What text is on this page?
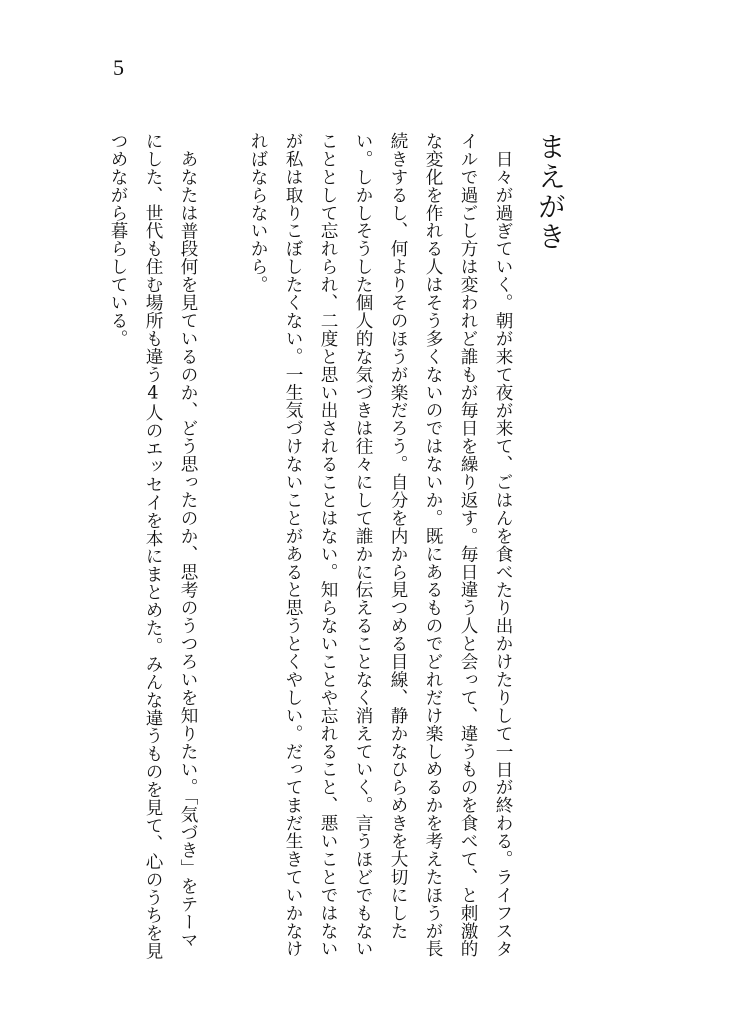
5
まえがき

日々が過ぎていく。朝が来て夜が来て、ごはんを食べたり出かけたりして一日が終わる。ライフスタイルで過ごし方は変われど誰もが毎日を繰り返す。毎日違う人と会って、違うものを食べて、と刺激的な変化を作れる人はそう多くないのではないか。既にあるものでどれだけ楽しめるかを考えたほうが長続きするし、何よりそのほうが楽だろう。自分を内から見つめる目線、静かなひらめきを大切にしたい。しかしそうした個人的な気づきは往々にして誰かに伝えることなく消えていく。言うほどでもないこととして忘れられ、二度と思い出されることはない。知らないことや忘れること、悪いことではないが私は取りこぼしたくない。一生気づけないことがあると思うとくやしい。だってまだ生きていかなければならないから。

あなたは普段何を見ているのか、どう思ったのか、思考のうつろいを知りたい。「気づき」をテーマにした、世代も住む場所も違う4人のエッセイを本にまとめた。みんな違うものを見て、心のうちを見つめながら暮らしている。
